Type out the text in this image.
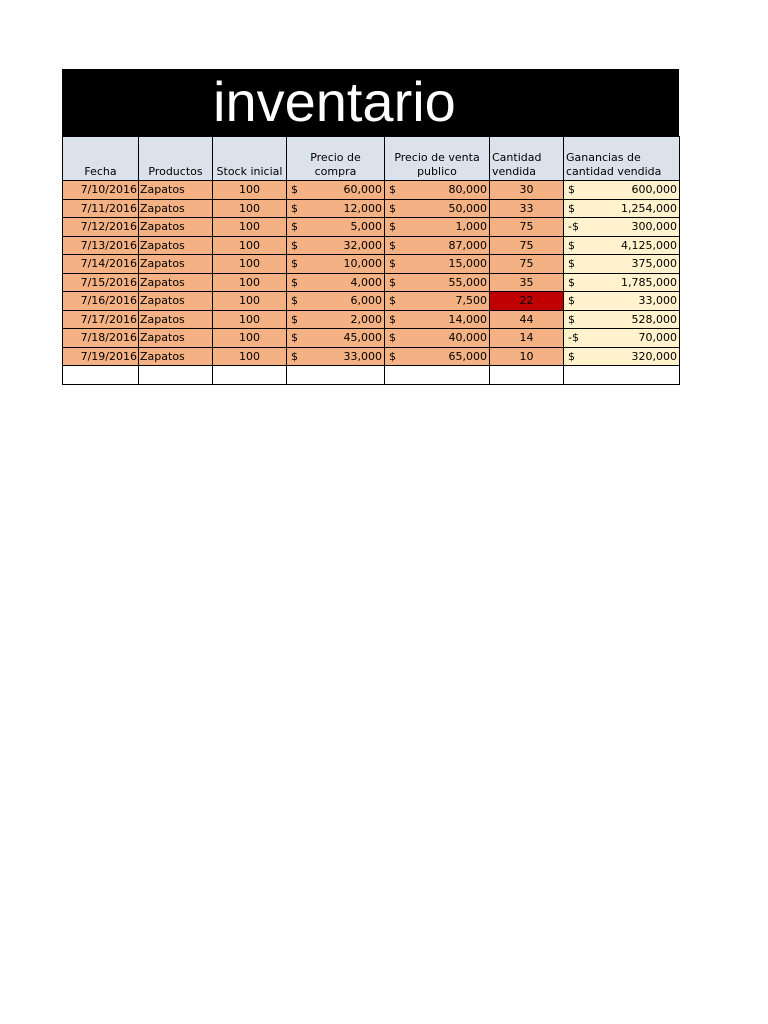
inventario
Fecha	Productos	Stock inicial	Precio de compra	Precio de venta publico	Cantidad vendida	Ganancias de cantidad vendida
7/10/2016	Zapatos	100	$ 60,000	$ 80,000	30	$ 600,000

7/11/2016	Zapatos	100	$ 12,000	$ 50,000	33	$ 1,254,000

7/12/2016	Zapatos	100	$ 5,000	$ 1,000	75	-$ 300,000

7/13/2016	Zapatos	100	$ 32,000	$ 87,000	75	$ 4,125,000

7/14/2016	Zapatos	100	$ 10,000	$ 15,000	75	$ 375,000

7/15/2016	Zapatos	100	$ 4,000	$ 55,000	35	$ 1,785,000

7/16/2016	Zapatos	100	$ 6,000	$ 7,500	22	$ 33,000

7/17/2016	Zapatos	100	$ 2,000	$ 14,000	44	$ 528,000

7/18/2016	Zapatos	100	$ 45,000	$ 40,000	14	-$ 70,000

7/19/2016	Zapatos	100	$ 33,000	$ 65,000	10	$ 320,000
